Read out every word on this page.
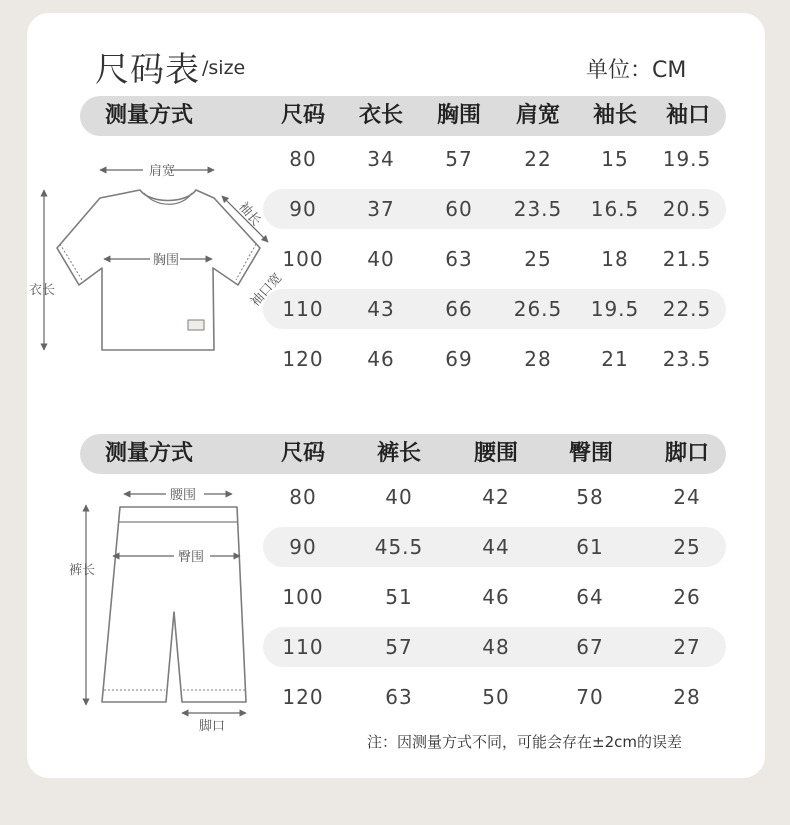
尺码表 /size	单位：CM
测量方式	尺码 衣长 胸围 肩宽 袖长 袖口
80	34	57	22 15 19.5
90	37	60 23.5 16.5 20.5
100 40	63	25 18 21.5
110 43	66 26.5 19.5 22.5
120 46	69	28 21 23.5
测量方式	尺码 裤长 腰围 臀围 脚口
80	40	42	58	24
90	45.5	44	61	25
100	51	46	64	26
110	57	48	67	27
120	63	50	70	28
注：因测量方式不同，可能会存在±2cm的误差
肩宽
胸围
衣长
袖长
袖口宽
腰围
臀围
裤长
脚口
